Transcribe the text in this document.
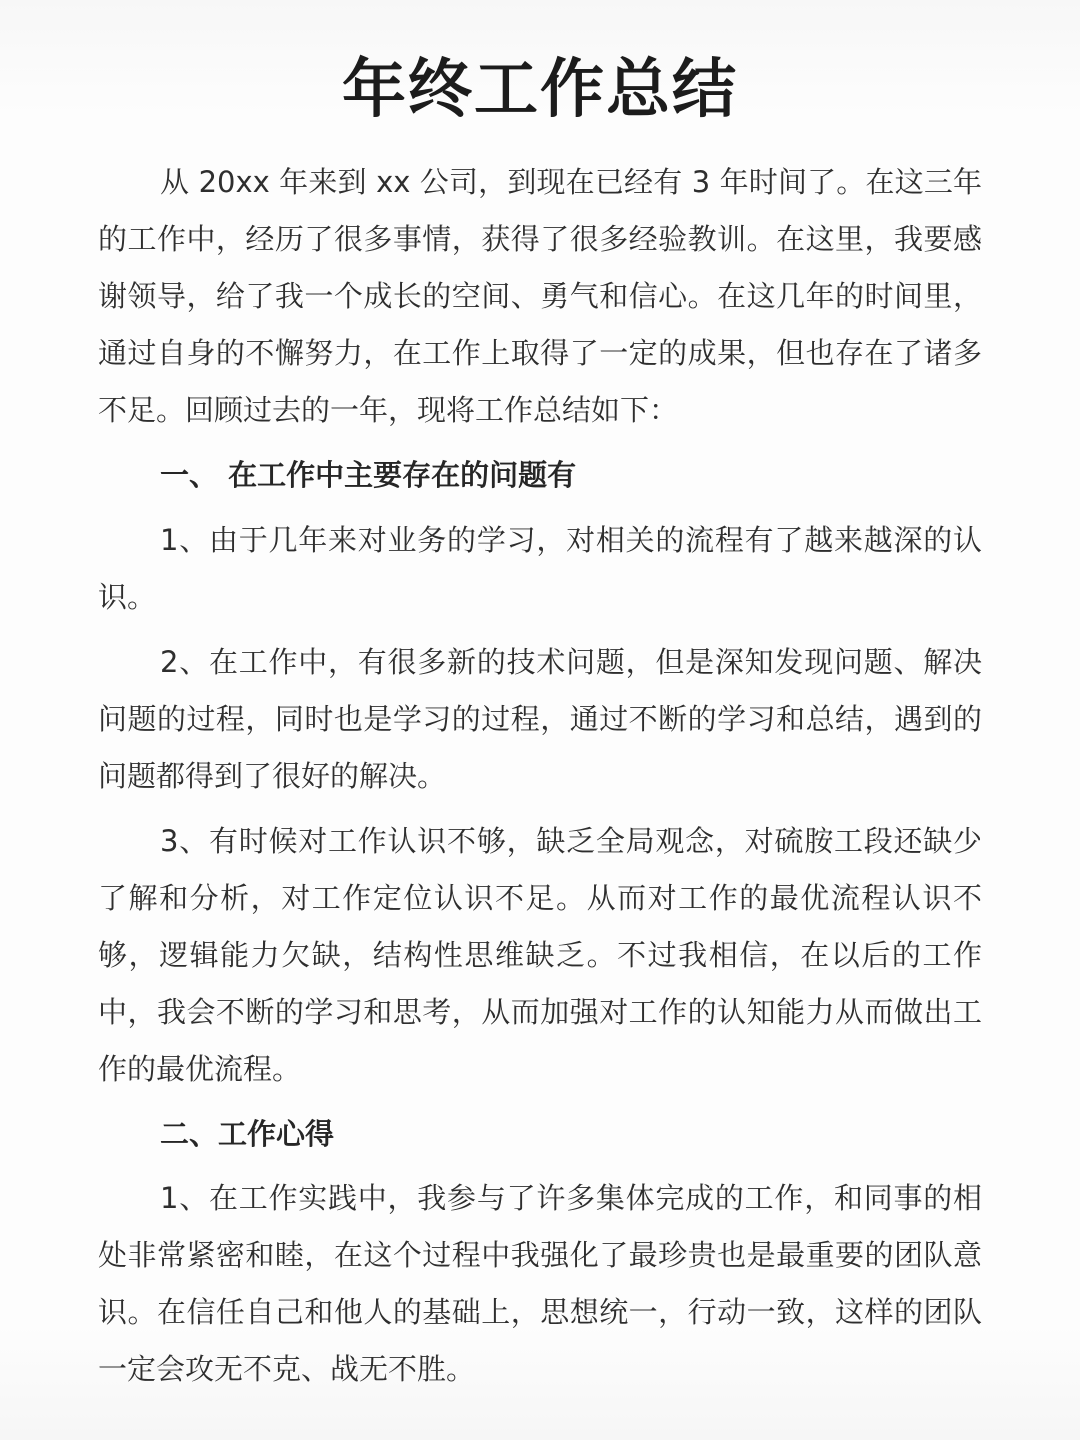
年终工作总结

从 20xx 年来到 xx 公司，到现在已经有 3 年时间了。在这三年的工作中，经历了很多事情，获得了很多经验教训。在这里，我要感谢领导，给了我一个成长的空间、勇气和信心。在这几年的时间里，通过自身的不懈努力，在工作上取得了一定的成果，但也存在了诸多不足。回顾过去的一年，现将工作总结如下：

一、 在工作中主要存在的问题有

1、由于几年来对业务的学习，对相关的流程有了越来越深的认识。

2、在工作中，有很多新的技术问题，但是深知发现问题、解决问题的过程，同时也是学习的过程，通过不断的学习和总结，遇到的问题都得到了很好的解决。

3、有时候对工作认识不够，缺乏全局观念，对硫胺工段还缺少了解和分析，对工作定位认识不足。从而对工作的最优流程认识不够，逻辑能力欠缺，结构性思维缺乏。不过我相信，在以后的工作中，我会不断的学习和思考，从而加强对工作的认知能力从而做出工作的最优流程。

二、工作心得

1、在工作实践中，我参与了许多集体完成的工作，和同事的相处非常紧密和睦，在这个过程中我强化了最珍贵也是最重要的团队意识。在信任自己和他人的基础上，思想统一，行动一致，这样的团队一定会攻无不克、战无不胜。
